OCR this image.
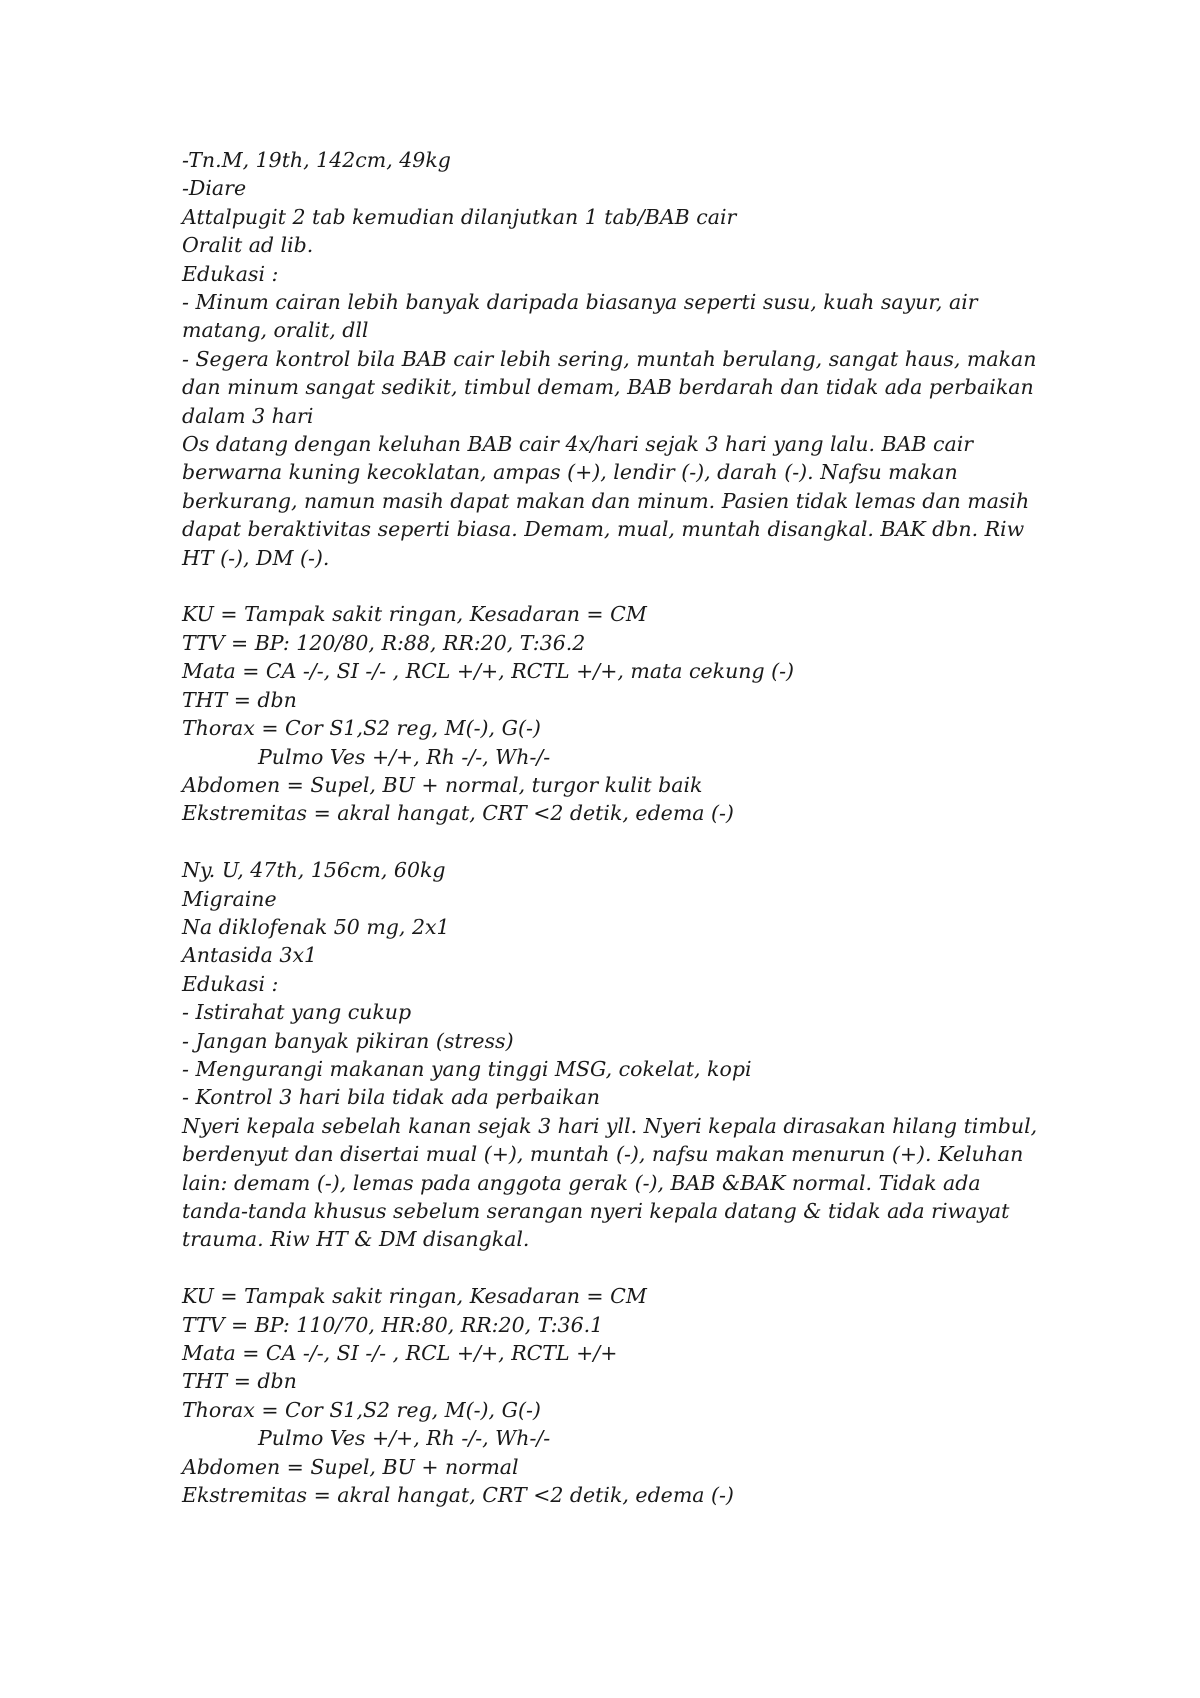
-Tn.M, 19th, 142cm, 49kg
-Diare
Attalpugit 2 tab kemudian dilanjutkan 1 tab/BAB cair
Oralit ad lib.
Edukasi :
- Minum cairan lebih banyak daripada biasanya seperti susu, kuah sayur, air
matang, oralit, dll
- Segera kontrol bila BAB cair lebih sering, muntah berulang, sangat haus, makan
dan minum sangat sedikit, timbul demam, BAB berdarah dan tidak ada perbaikan
dalam 3 hari
Os datang dengan keluhan BAB cair 4x/hari sejak 3 hari yang lalu. BAB cair
berwarna kuning kecoklatan, ampas (+), lendir (-), darah (-). Nafsu makan
berkurang, namun masih dapat makan dan minum. Pasien tidak lemas dan masih
dapat beraktivitas seperti biasa. Demam, mual, muntah disangkal. BAK dbn. Riw
HT (-), DM (-).
KU = Tampak sakit ringan, Kesadaran = CM
TTV = BP: 120/80, R:88, RR:20, T:36.2
Mata = CA -/-, SI -/- , RCL +/+, RCTL +/+, mata cekung (-)
THT = dbn
Thorax = Cor S1,S2 reg, M(-), G(-)
Pulmo Ves +/+, Rh -/-, Wh-/-
Abdomen = Supel, BU + normal, turgor kulit baik
Ekstremitas = akral hangat, CRT <2 detik, edema (-)
Ny. U, 47th, 156cm, 60kg
Migraine
Na diklofenak 50 mg, 2x1
Antasida 3x1
Edukasi :
- Istirahat yang cukup
- Jangan banyak pikiran (stress)
- Mengurangi makanan yang tinggi MSG, cokelat, kopi
- Kontrol 3 hari bila tidak ada perbaikan
Nyeri kepala sebelah kanan sejak 3 hari yll. Nyeri kepala dirasakan hilang timbul,
berdenyut dan disertai mual (+), muntah (-), nafsu makan menurun (+). Keluhan
lain: demam (-), lemas pada anggota gerak (-), BAB &BAK normal. Tidak ada
tanda-tanda khusus sebelum serangan nyeri kepala datang & tidak ada riwayat
trauma. Riw HT & DM disangkal.
KU = Tampak sakit ringan, Kesadaran = CM
TTV = BP: 110/70, HR:80, RR:20, T:36.1
Mata = CA -/-, SI -/- , RCL +/+, RCTL +/+
THT = dbn
Thorax = Cor S1,S2 reg, M(-), G(-)
Pulmo Ves +/+, Rh -/-, Wh-/-
Abdomen = Supel, BU + normal
Ekstremitas = akral hangat, CRT <2 detik, edema (-)
